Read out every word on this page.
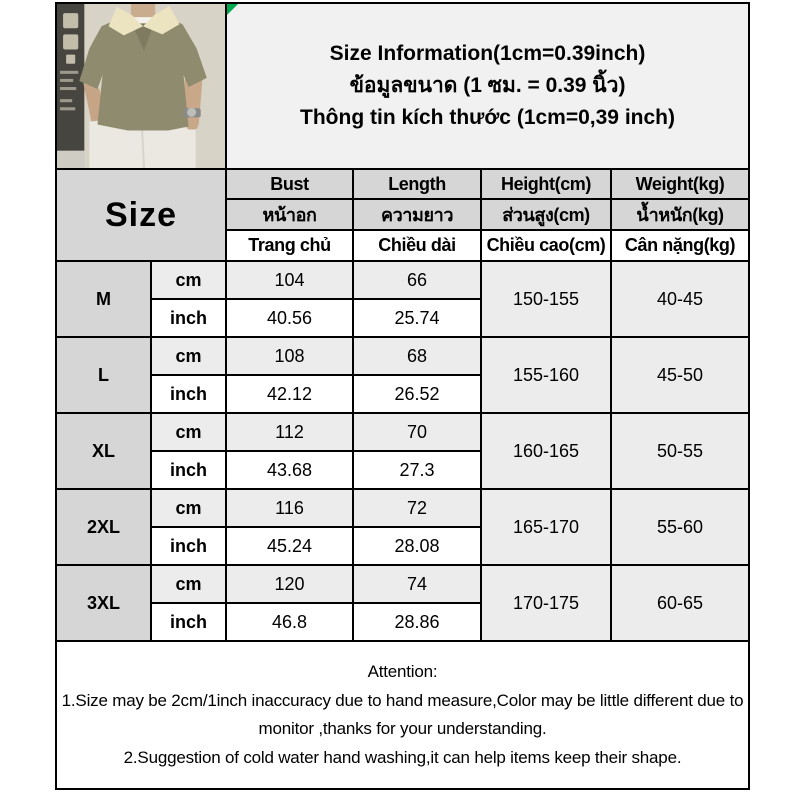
Size Information(1cm=0.39inch)
ข้อมูลขนาด (1 ซม. = 0.39 นิ้ว)
Thông tin kích thước (1cm=0,39 inch)			

Size		Bust	Length	Height(cm)	Weight(kg)
		หน้าอก	ความยาว	ส่วนสูง(cm)	น้ำหนัก(kg)
		Trang chủ	Chiều dài	Chiều cao(cm)	Cân nặng(kg)
M	cm	104	66	150-155	40-45
	inch	40.56	25.74		
L	cm	108	68	155-160	45-50
	inch	42.12	26.52		
XL	cm	112	70	160-165	50-55
	inch	43.68	27.3		
2XL	cm	116	72	165-170	55-60
	inch	45.24	28.08		
3XL	cm	120	74	170-175	60-65
	inch	46.8	28.86		

Attention:
1.Size may be 2cm/1inch inaccuracy due to hand measure,Color may be little different due to monitor ,thanks for your understanding.
2.Suggestion of cold water hand washing,it can help items keep their shape.					
